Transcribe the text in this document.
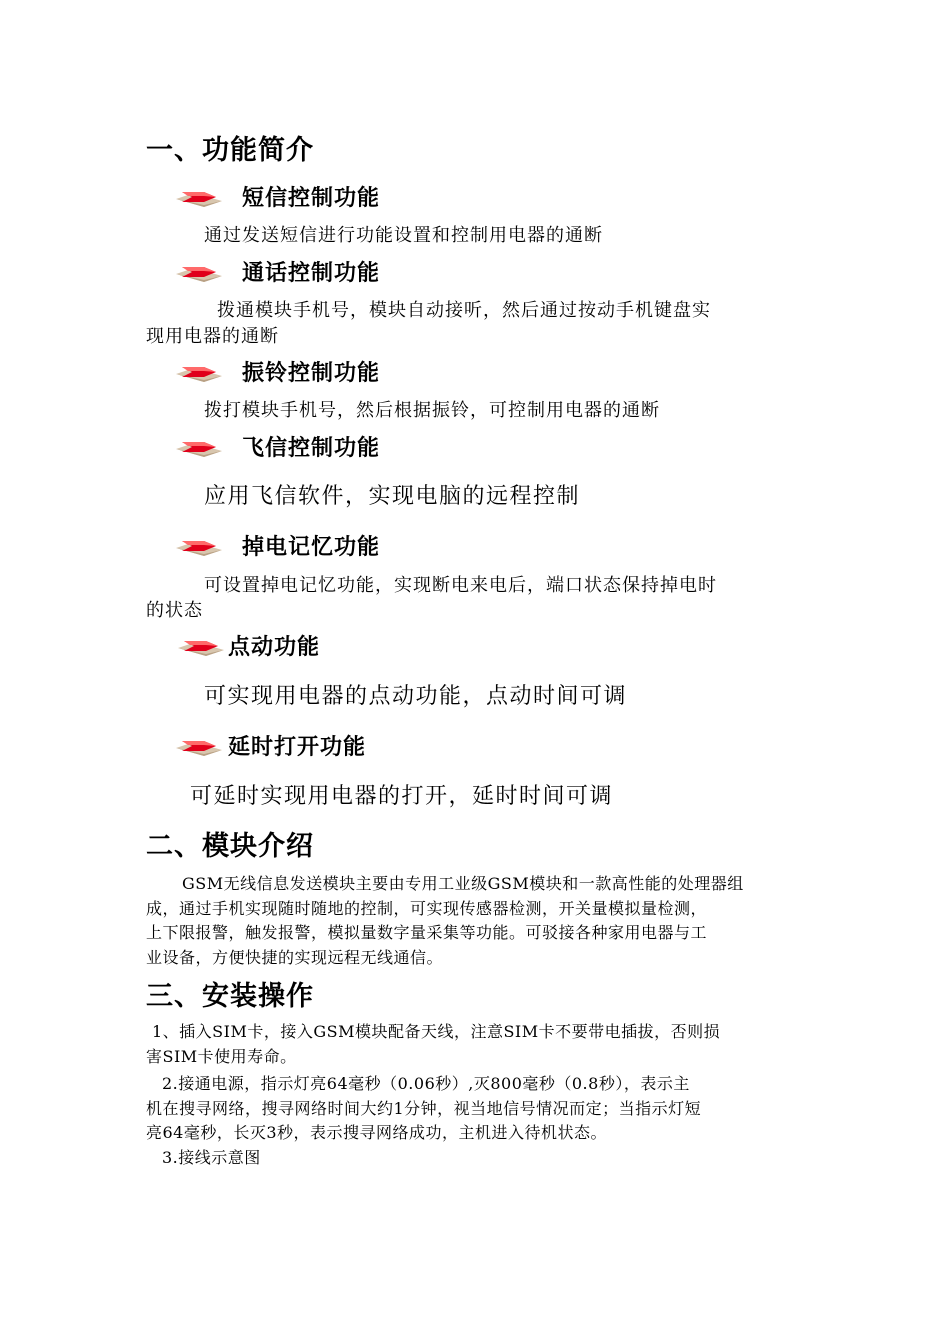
一、功能简介
短信控制功能

通过发送短信进行功能设置和控制用电器的通断

通话控制功能

拨通模块手机号，模块自动接听，然后通过按动手机键盘实

现用电器的通断

振铃控制功能

拨打模块手机号，然后根据振铃，可控制用电器的通断

飞信控制功能

应用飞信软件，实现电脑的远程控制

掉电记忆功能

可设置掉电记忆功能，实现断电来电后，端口状态保持掉电时

的状态

点动功能

可实现用电器的点动功能，点动时间可调

延时打开功能

可延时实现用电器的打开，延时时间可调

二、模块介绍
GSM无线信息发送模块主要由专用工业级GSM模块和一款高性能的处理器组
成，通过手机实现随时随地的控制，可实现传感器检测，开关量模拟量检测，
上下限报警，触发报警，模拟量数字量采集等功能。可驳接各种家用电器与工
业设备，方便快捷的实现远程无线通信。
三、安装操作
1、插入SIM卡，接入GSM模块配备天线，注意SIM卡不要带电插拔，否则损
害SIM卡使用寿命。
2.接通电源，指示灯亮64毫秒（0.06秒）,灭800毫秒（0.8秒），表示主
机在搜寻网络，搜寻网络时间大约1分钟，视当地信号情况而定；当指示灯短
亮64毫秒，长灭3秒，表示搜寻网络成功，主机进入待机状态。

3.接线示意图
